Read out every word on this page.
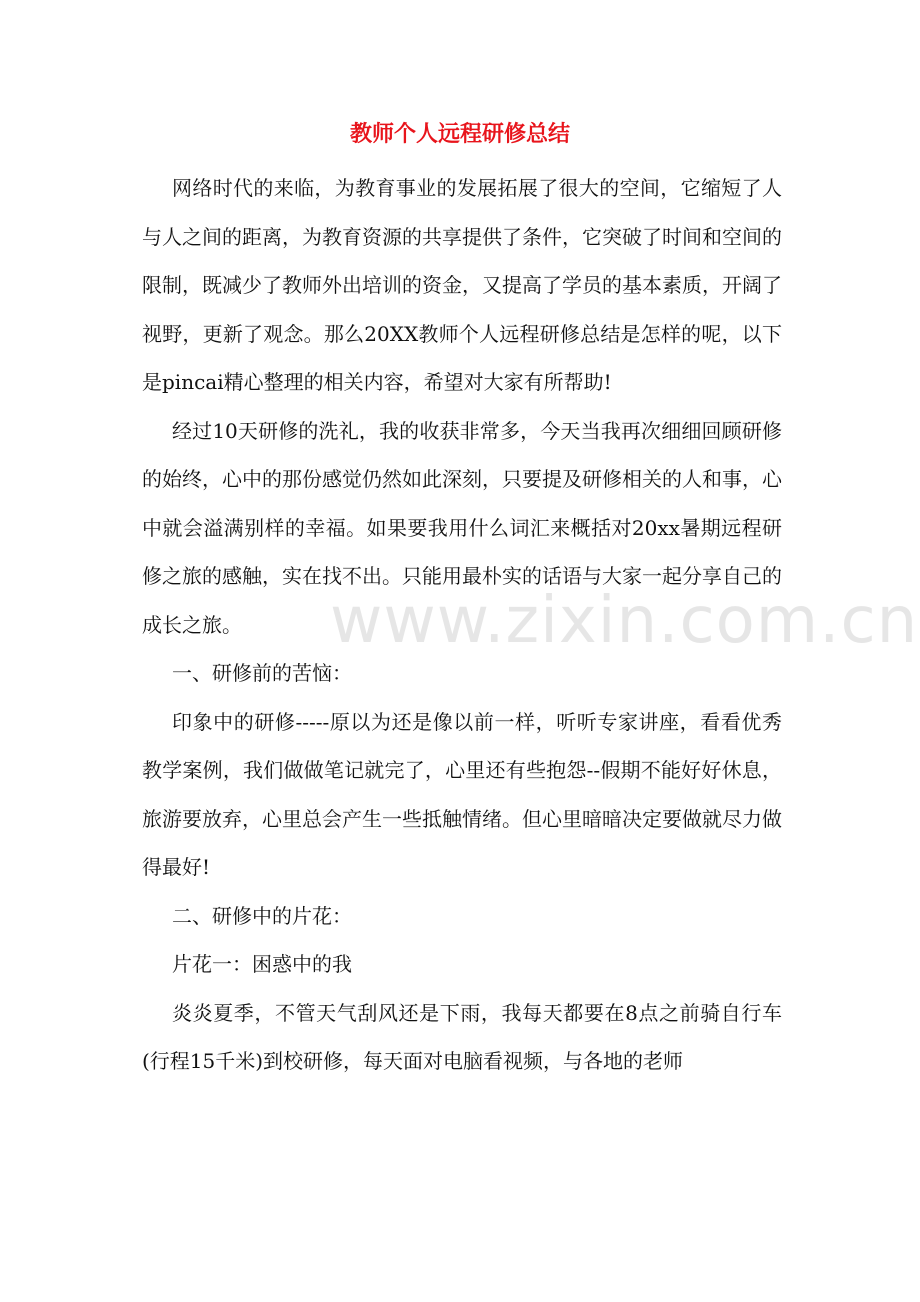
教师个人远程研修总结

网络时代的来临，为教育事业的发展拓展了很大的空间，它缩短了人与人之间的距离，为教育资源的共享提供了条件，它突破了时间和空间的限制，既减少了教师外出培训的资金，又提高了学员的基本素质，开阔了视野，更新了观念。那么20XX教师个人远程研修总结是怎样的呢，以下是pincai精心整理的相关内容，希望对大家有所帮助!

经过10天研修的洗礼，我的收获非常多，今天当我再次细细回顾研修的始终，心中的那份感觉仍然如此深刻，只要提及研修相关的人和事，心中就会溢满别样的幸福。如果要我用什么词汇来概括对20xx暑期远程研修之旅的感触，实在找不出。只能用最朴实的话语与大家一起分享自己的成长之旅。

一、研修前的苦恼：

印象中的研修-----原以为还是像以前一样，听听专家讲座，看看优秀教学案例，我们做做笔记就完了，心里还有些抱怨--假期不能好好休息，旅游要放弃，心里总会产生一些抵触情绪。但心里暗暗决定要做就尽力做得最好!

二、研修中的片花：

片花一：困惑中的我

炎炎夏季，不管天气刮风还是下雨，我每天都要在8点之前骑自行车(行程15千米)到校研修，每天面对电脑看视频，与各地的老师

www.zixin.com.cn
